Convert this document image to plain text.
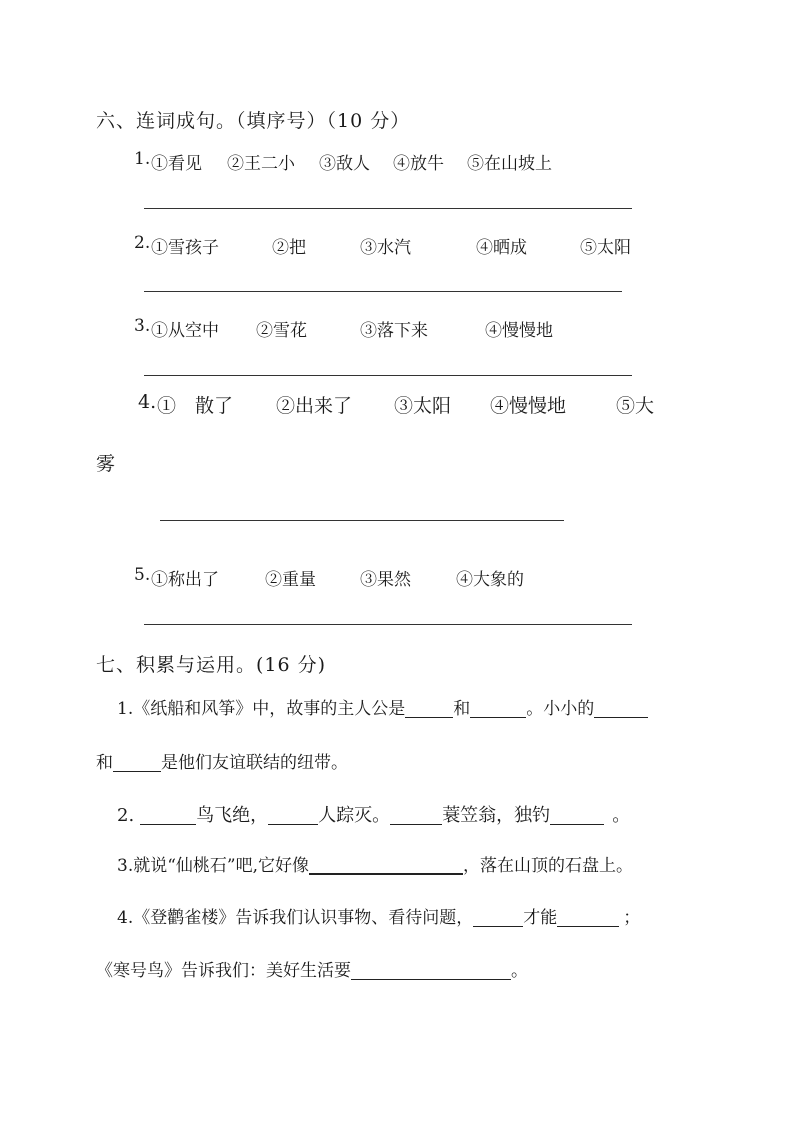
六、连词成句。（填序号）（10 分）
1. ①看见 ②王二小 ③敌人 ④放牛 ⑤在山坡上
2. ①雪孩子	②把	③水汽	④晒成	⑤太阳
3. ①从空中 ②雪花	③落下来	④慢慢地
4. ①　散了 ②出来了 ③太阳 ④慢慢地	⑤大
雾
5. ①称出了	②重量	③果然	④大象的
七、积累与运用。(16 分)
1.《纸船和风筝》中，故事的主人公是	和	。小小的
和	是他们友谊联结的纽带。
2.	鸟飞绝，	人踪灭。	蓑笠翁，独钓	。
3.就说“仙桃石”吧,它好像	，落在山顶的石盘上。
4.《登鹳雀楼》告诉我们认识事物、看待问题，	才能	；
《寒号鸟》告诉我们：美好生活要	。
